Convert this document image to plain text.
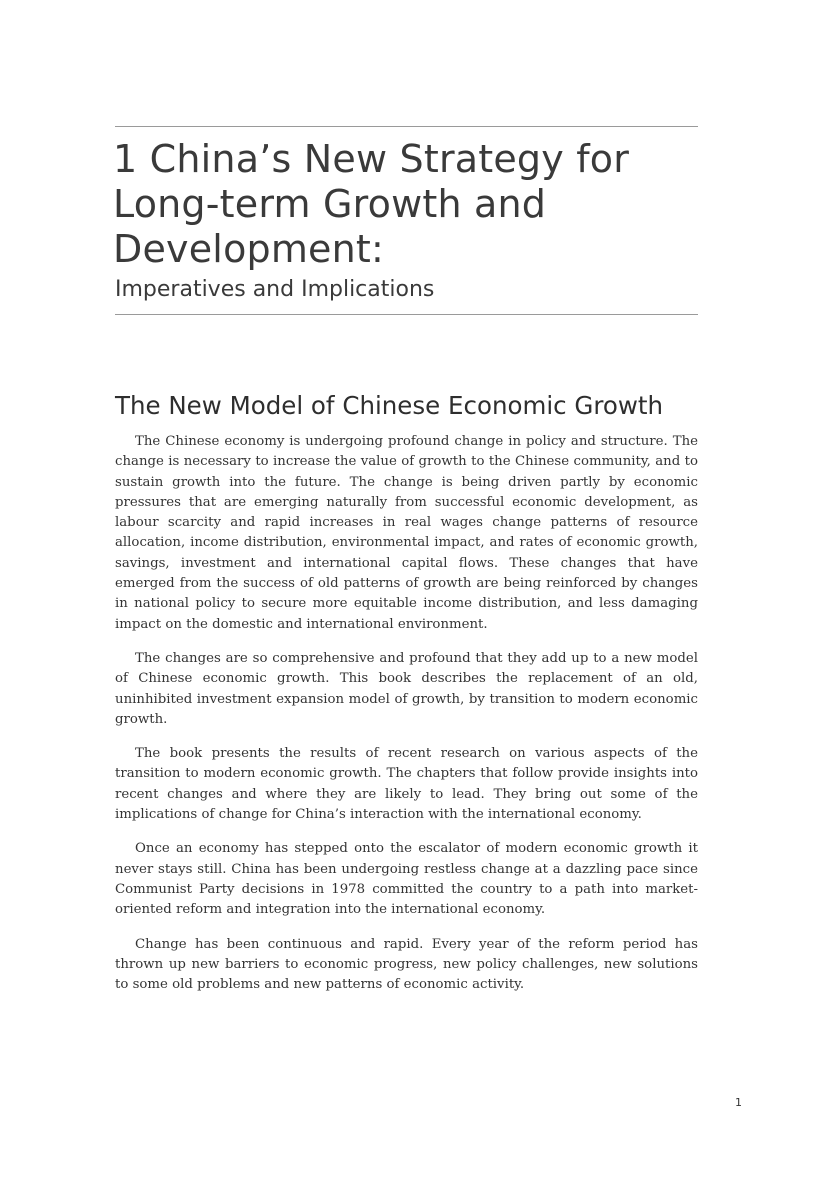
1 China’s New Strategy for
Long-term Growth and
Development:
Imperatives and Implications
The New Model of Chinese Economic Growth

The Chinese economy is undergoing profound change in policy and structure. The change is necessary to increase the value of growth to the Chinese community, and to sustain growth into the future. The change is being driven partly by economic pressures that are emerging naturally from successful economic development, as labour scarcity and rapid increases in real wages change patterns of resource allocation, income distribution, environmental impact, and rates of economic growth, savings, investment and international capital flows. These changes that have emerged from the success of old patterns of growth are being reinforced by changes in national policy to secure more equitable income distribution, and less damaging impact on the domestic and international environment.

The changes are so comprehensive and profound that they add up to a new model of Chinese economic growth. This book describes the replacement of an old, uninhibited investment expansion model of growth, by transition to modern economic growth.

The book presents the results of recent research on various aspects of the transition to modern economic growth. The chapters that follow provide insights into recent changes and where they are likely to lead. They bring out some of the implications of change for China’s interaction with the international economy.

Once an economy has stepped onto the escalator of modern economic growth it never stays still. China has been undergoing restless change at a dazzling pace since Communist Party decisions in 1978 committed the country to a path into market-oriented reform and integration into the international economy.

Change has been continuous and rapid. Every year of the reform period has thrown up new barriers to economic progress, new policy challenges, new solutions to some old problems and new patterns of economic activity.

1
